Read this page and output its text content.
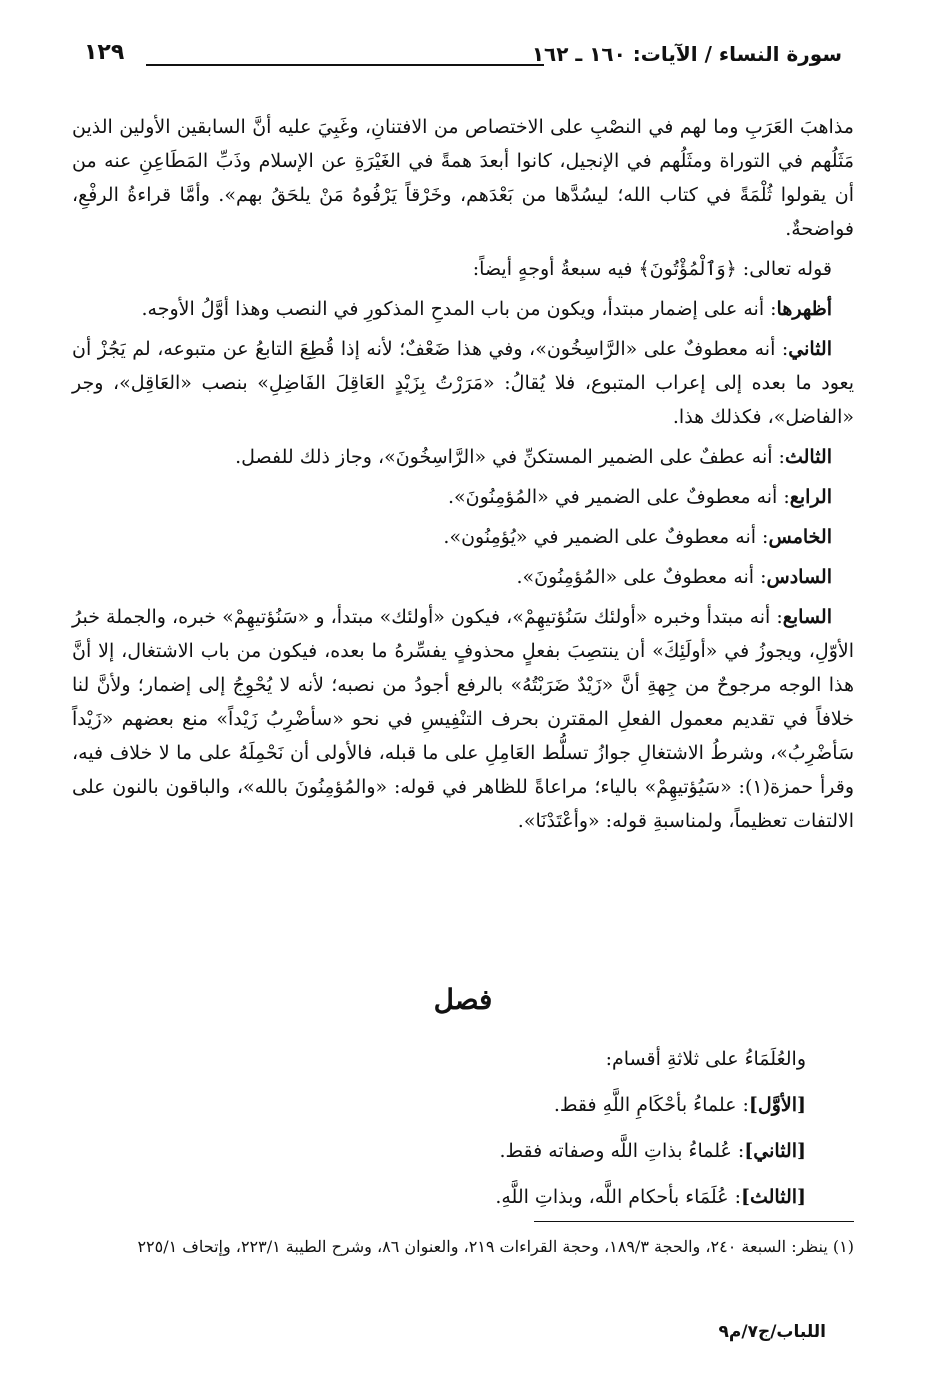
سورة النساء / الآيات: ١٦٠ ـ ١٦٢
١٢٩

مذاهبَ العَرَبِ وما لهم في النصْبِ على الاختصاص من الافتنانِ، وغَبِيَ عليه أنَّ السابقين الأولين الذين مَثَلُهم في التوراة ومثَلُهم في الإنجيل، كانوا أبعدَ همةً في الغَيْرَةِ عن الإسلام وذَبِّ المَطَاعِنِ عنه من أن يقولوا ثُلْمَةً في كتاب الله؛ ليسُدَّها من بَعْدَهم، وخَرْقاً يَرْفُوهُ مَنْ يلحَقُ بهم». وأمَّا قراءةُ الرفْعِ، فواضحةٌ.

قوله تعالى: ﴿وَٱلْمُؤْتُونَ﴾ فيه سبعةُ أوجهٍ أيضاً:

أظهرها: أنه على إضمار مبتدأ، ويكون من باب المدحِ المذكورِ في النصب وهذا أوَّلُ الأوجه.

الثاني: أنه معطوفٌ على «الرَّاسِخُون»، وفي هذا ضَعْفٌ؛ لأنه إذا قُطِعَ التابعُ عن متبوعه، لم يَجُزْ أن يعود ما بعده إلى إعراب المتبوع، فلا يُقالُ: «مَرَرْتُ بِزَيْدٍ العَاقِلَ الفَاضِلِ» بنصب «العَاقِل»، وجر «الفاضل»، فكذلك هذا.

الثالث: أنه عطفٌ على الضمير المستكنِّ في «الرَّاسِخُونَ»، وجاز ذلك للفصل.

الرابع: أنه معطوفٌ على الضمير في «المُؤمِنُونَ».

الخامس: أنه معطوفٌ على الضمير في «يُؤمِنُون».

السادس: أنه معطوفٌ على «المُؤمِنُونَ».

السابع: أنه مبتدأ وخبره «أولئك سَنُؤتيهِمْ»، فيكون «أولئك» مبتدأ، و «سَنُؤتيهِمْ» خبره، والجملة خبرُ الأوّلِ، ويجوزُ في «أولَئِكَ» أن ينتصِبَ بفعلٍ محذوفٍ يفسِّرهُ ما بعده، فيكون من باب الاشتغال، إلا أنَّ هذا الوجه مرجوحٌ من جِهةِ أنَّ «زَيْدٌ ضَرَبْتُهُ» بالرفع أجودُ من نصبه؛ لأنه لا يُحْوِجُ إلى إضمار؛ ولأنَّ لنا خلافاً في تقديم معمول الفعلِ المقترن بحرف التنْفِيسِ في نحو «سأضْرِبُ زَيْداً» منع بعضهم «زَيْداً سَأضْرِبُ»، وشرطُ الاشتغالِ جوازُ تسلُّط العَامِلِ على ما قبله، فالأولى أن نَحْمِلَهُ على ما لا خلاف فيه، وقرأ حمزة(١): «سَيُؤتيهِمْ» بالياء؛ مراعاةً للظاهر في قوله: «والمُؤمِنُونَ بالله»، والباقون بالنون على الالتفات تعظيماً، ولمناسبةِ قوله: «وأعْتَدْنَا».

فصل

والعُلَمَاءُ على ثلاثةِ أقسام:

[الأوَّل]: علماءُ بأحْكَامِ اللَّهِ فقط.

[الثاني]: عُلماءُ بذاتِ اللَّه وصفاته فقط.

[الثالث]: عُلَمَاء بأحكام اللَّه، وبذاتِ اللَّهِ.

(١) ينظر: السبعة ٢٤٠، والحجة ١٨٩/٣، وحجة القراءات ٢١٩، والعنوان ٨٦، وشرح الطيبة ٢٢٣/١، وإتحاف ٢٢٥/١
اللباب/ج٧/م٩
